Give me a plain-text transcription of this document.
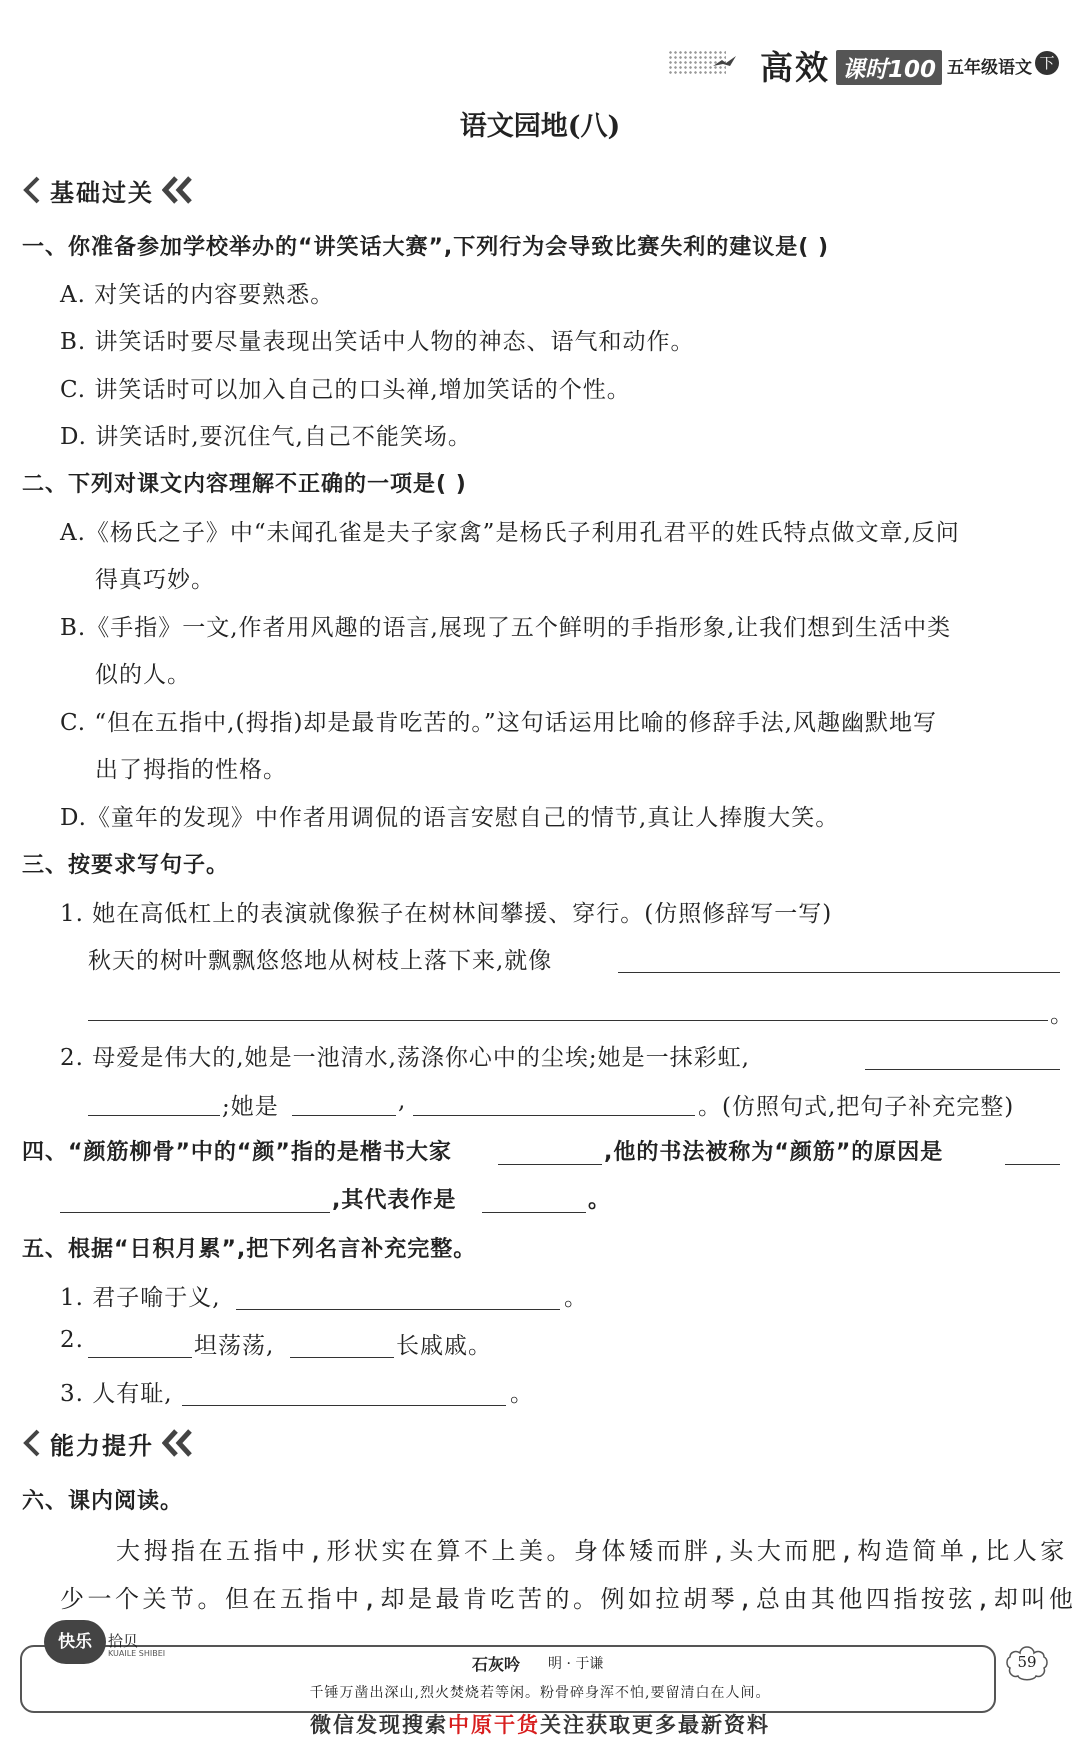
高效 课时100 五年级语文 下
语文园地(八)
基础过关
一、你准备参加学校举办的“讲笑话大赛”,下列行为会导致比赛失利的建议是( )
A. 对笑话的内容要熟悉。
B. 讲笑话时要尽量表现出笑话中人物的神态、语气和动作。
C. 讲笑话时可以加入自己的口头禅,增加笑话的个性。
D. 讲笑话时,要沉住气,自己不能笑场。
二、下列对课文内容理解不正确的一项是( )
A.《杨氏之子》中“未闻孔雀是夫子家禽”是杨氏子利用孔君平的姓氏特点做文章,反问
得真巧妙。
B.《手指》一文,作者用风趣的语言,展现了五个鲜明的手指形象,让我们想到生活中类
似的人。
C. “但在五指中,(拇指)却是最肯吃苦的。”这句话运用比喻的修辞手法,风趣幽默地写
出了拇指的性格。
D.《童年的发现》中作者用调侃的语言安慰自己的情节,真让人捧腹大笑。
三、按要求写句子。
1. 她在高低杠上的表演就像猴子在树林间攀援、穿行。(仿照修辞写一写)
秋天的树叶飘飘悠悠地从树枝上落下来,就像
。
2. 母爱是伟大的,她是一池清水,荡涤你心中的尘埃;她是一抹彩虹,
;她是	,	。(仿照句式,把句子补充完整)
四、“颜筋柳骨”中的“颜”指的是楷书大家	,他的书法被称为“颜筋”的原因是
,其代表作是	。
五、根据“日积月累”,把下列名言补充完整。
1. 君子喻于义,	。
2.	坦荡荡,	长戚戚。
3. 人有耻,	。
能力提升
六、课内阅读。
大拇指在五指中,形状实在算不上美。身体矮而胖,头大而肥,构造简单,比人家
少一个关节。但在五指中,却是最肯吃苦的。例如拉胡琴,总由其他四指按弦,却叫他
快乐	拾贝
KUAILE SHIBEI
石灰吟 明 · 于谦
千锤万凿出深山,烈火焚烧若等闲。粉骨碎身浑不怕,要留清白在人间。
59
微信发现搜索中原干货关注获取更多最新资料
